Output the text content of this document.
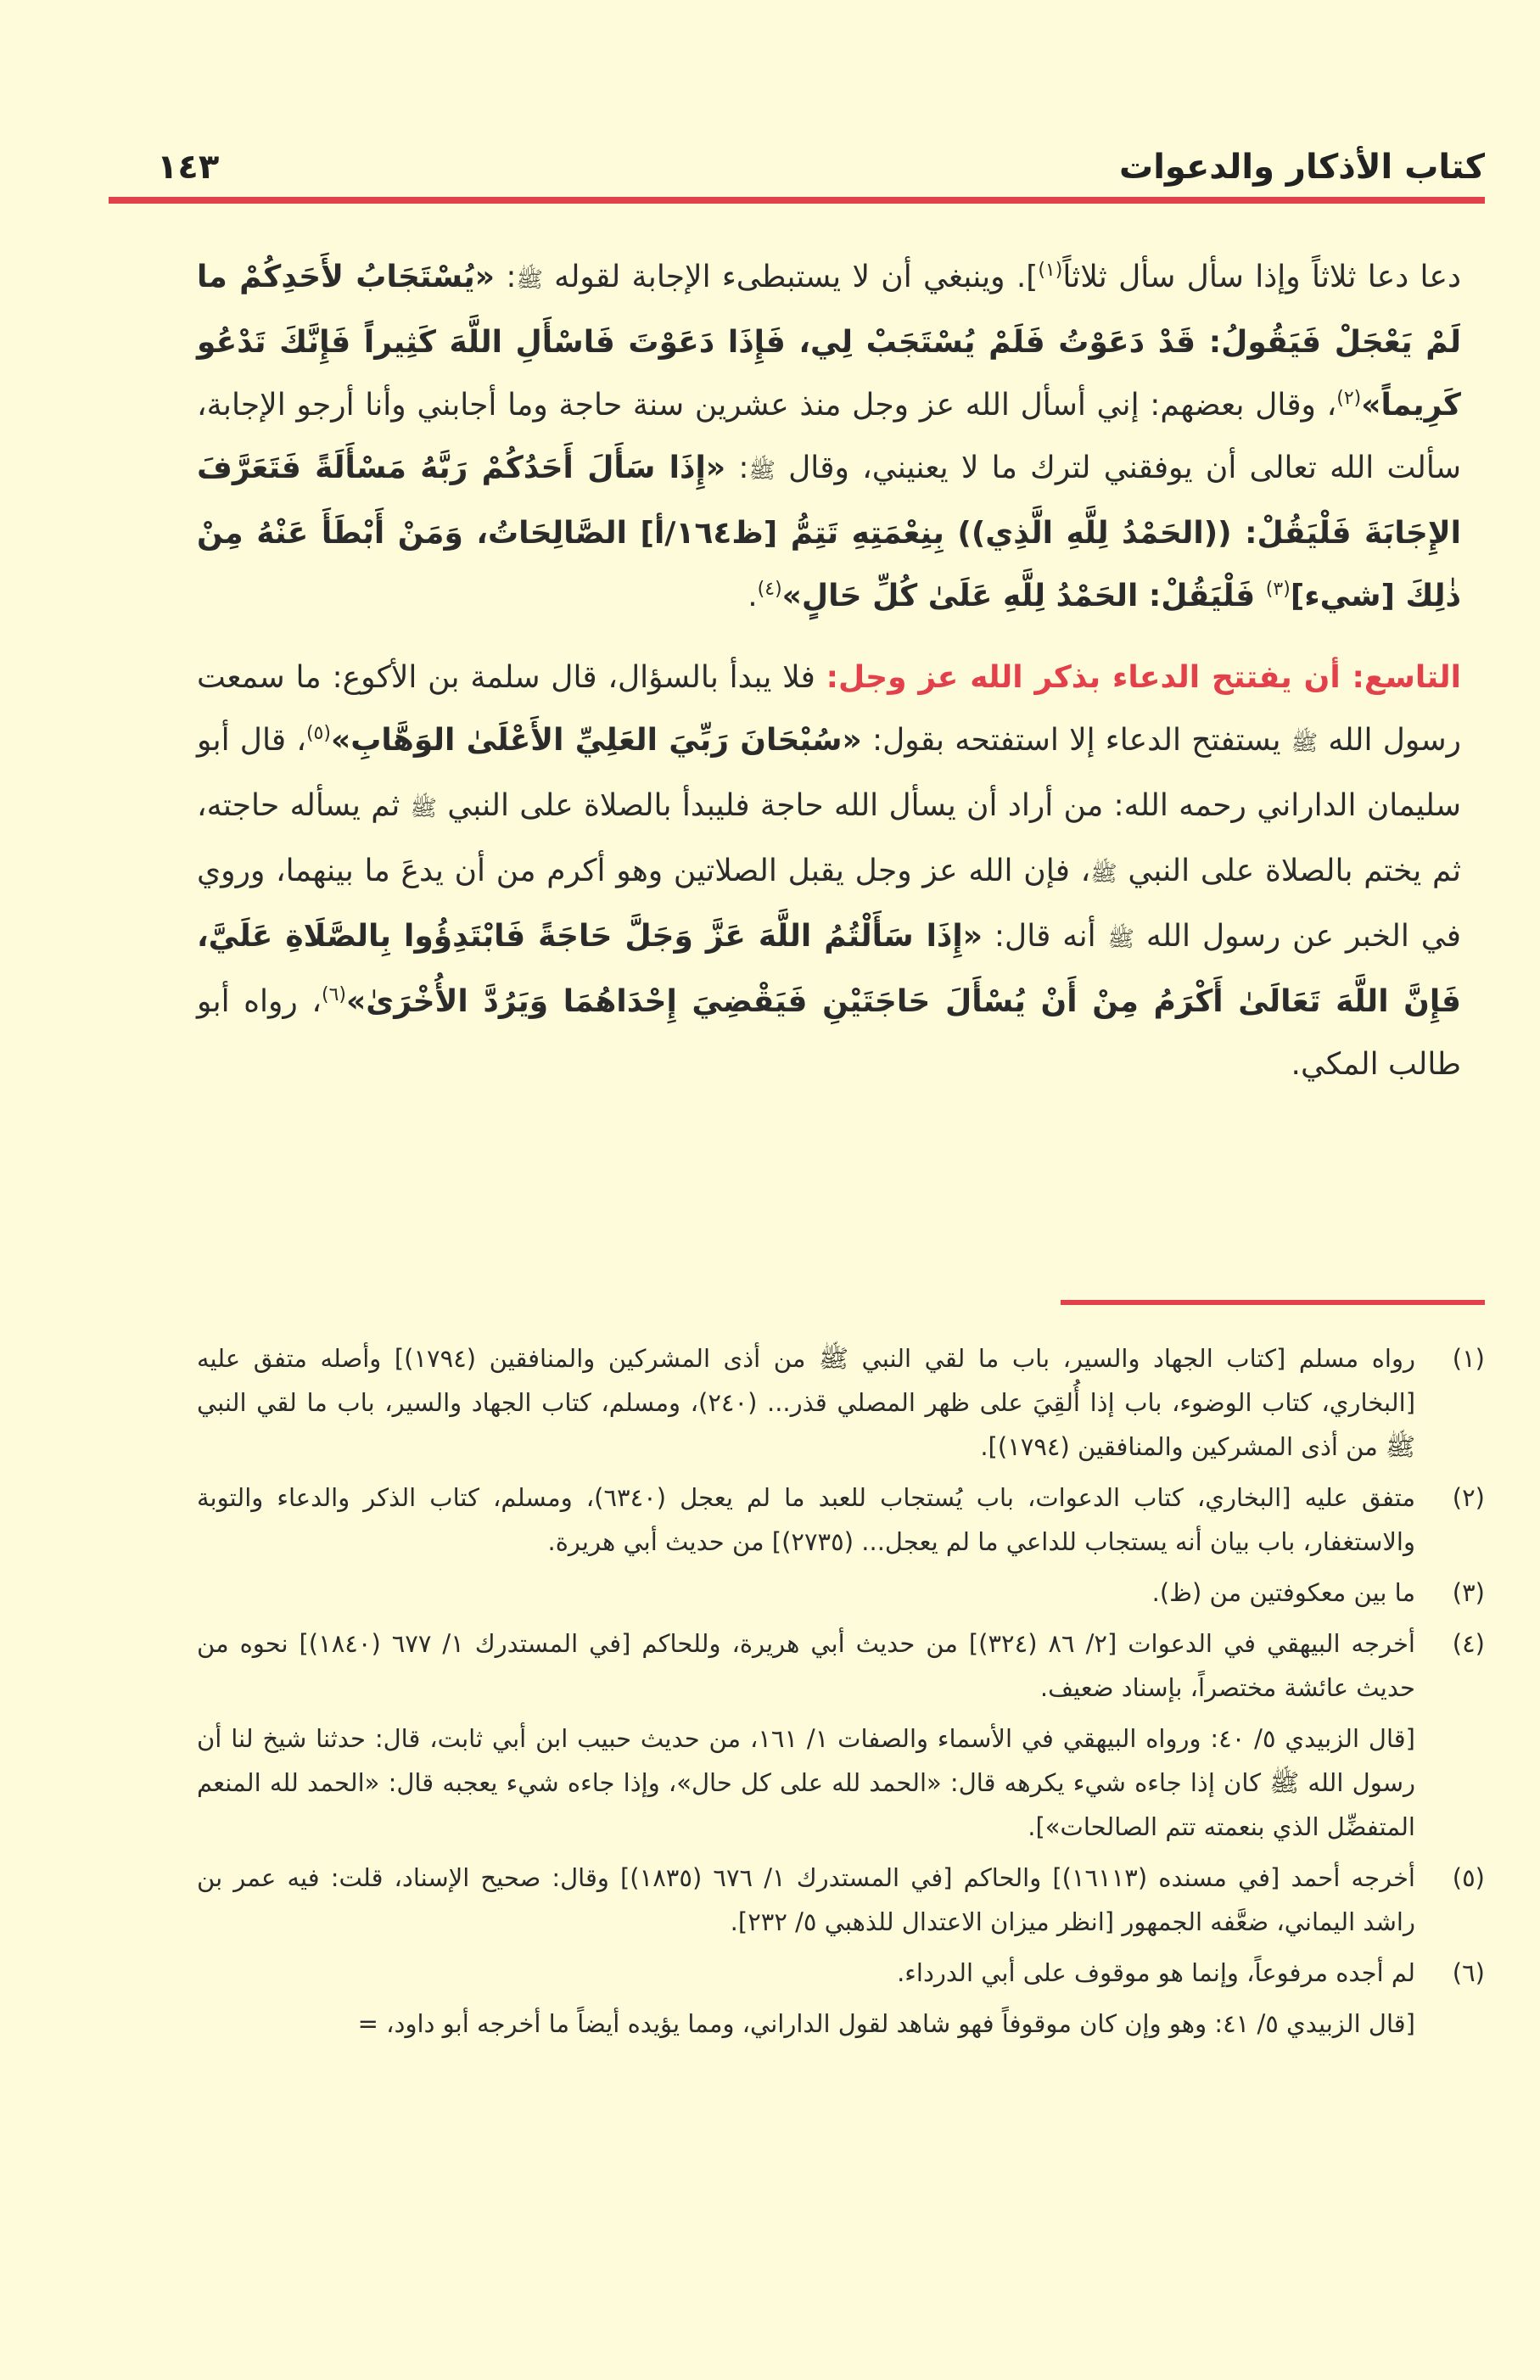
كتاب الأذكار والدعوات
١٤٣

دعا دعا ثلاثاً وإذا سأل سأل ثلاثاً$^{(١)}$]. وينبغي أن لا يستبطىء الإجابة لقوله ﷺ: «يُسْتَجَابُ لأَحَدِكُمْ ما لَمْ يَعْجَلْ فَيَقُولُ: قَدْ دَعَوْتُ فَلَمْ يُسْتَجَبْ لِي، فَإِذَا دَعَوْتَ فَاسْأَلِ اللَّهَ كَثِيراً فَإِنَّكَ تَدْعُو كَرِيماً»$^{(٢)}$، وقال بعضهم: إني أسأل الله عز وجل منذ عشرين سنة حاجة وما أجابني وأنا أرجو الإجابة، سألت الله تعالى أن يوفقني لترك ما لا يعنيني، وقال ﷺ: «إِذَا سَأَلَ أَحَدُكُمْ رَبَّهُ مَسْأَلَةً فَتَعَرَّفَ الإِجَابَةَ فَلْيَقُلْ: ((الحَمْدُ لِلَّهِ الَّذِي)) بِنِعْمَتِهِ تَتِمُّ [ظ١٦٤/أ] الصَّالِحَاتُ، وَمَنْ أَبْطَأَ عَنْهُ مِنْ ذٰلِكَ [شيء]$^{(٣)}$ فَلْيَقُلْ: الحَمْدُ لِلَّهِ عَلَىٰ كُلِّ حَالٍ»$^{(٤)}$.

التاسع: أن يفتتح الدعاء بذكر الله عز وجل: فلا يبدأ بالسؤال، قال سلمة بن الأكوع: ما سمعت رسول الله ﷺ يستفتح الدعاء إلا استفتحه بقول: «سُبْحَانَ رَبِّيَ العَلِيِّ الأَعْلَىٰ الوَهَّابِ»$^{(٥)}$، قال أبو سليمان الداراني رحمه الله: من أراد أن يسأل الله حاجة فليبدأ بالصلاة على النبي ﷺ ثم يسأله حاجته، ثم يختم بالصلاة على النبي ﷺ، فإن الله عز وجل يقبل الصلاتين وهو أكرم من أن يدعَ ما بينهما، وروي في الخبر عن رسول الله ﷺ أنه قال: «إِذَا سَأَلْتُمُ اللَّهَ عَزَّ وَجَلَّ حَاجَةً فَابْتَدِؤُوا بِالصَّلَاةِ عَلَيَّ، فَإِنَّ اللَّهَ تَعَالَىٰ أَكْرَمُ مِنْ أَنْ يُسْأَلَ حَاجَتَيْنِ فَيَقْضِيَ إِحْدَاهُمَا وَيَرُدَّ الأُخْرَىٰ»$^{(٦)}$، رواه أبو طالب المكي.

(١)
رواه مسلم [كتاب الجهاد والسير، باب ما لقي النبي ﷺ من أذى المشركين والمنافقين (١٧٩٤)] وأصله متفق عليه [البخاري، كتاب الوضوء، باب إذا أُلقِيَ على ظهر المصلي قذر... (٢٤٠)، ومسلم، كتاب الجهاد والسير، باب ما لقي النبي ﷺ من أذى المشركين والمنافقين (١٧٩٤)].
(٢)
متفق عليه [البخاري، كتاب الدعوات، باب يُستجاب للعبد ما لم يعجل (٦٣٤٠)، ومسلم، كتاب الذكر والدعاء والتوبة والاستغفار، باب بيان أنه يستجاب للداعي ما لم يعجل... (٢٧٣٥)] من حديث أبي هريرة.
(٣)
ما بين معكوفتين من (ظ).
(٤)
أخرجه البيهقي في الدعوات [٢/ ٨٦ (٣٢٤)] من حديث أبي هريرة، وللحاكم [في المستدرك ١/ ٦٧٧ (١٨٤٠)] نحوه من حديث عائشة مختصراً، بإسناد ضعيف.
[قال الزبيدي ٥/ ٤٠: ورواه البيهقي في الأسماء والصفات ١/ ١٦١، من حديث حبيب ابن أبي ثابت، قال: حدثنا شيخ لنا أن رسول الله ﷺ كان إذا جاءه شيء يكرهه قال: «الحمد لله على كل حال»، وإذا جاءه شيء يعجبه قال: «الحمد لله المنعم المتفضِّل الذي بنعمته تتم الصالحات»].
(٥)
أخرجه أحمد [في مسنده (١٦١١٣)] والحاكم [في المستدرك ١/ ٦٧٦ (١٨٣٥)] وقال: صحيح الإسناد، قلت: فيه عمر بن راشد اليماني، ضعَّفه الجمهور [انظر ميزان الاعتدال للذهبي ٥/ ٢٣٢].
(٦)
لم أجده مرفوعاً، وإنما هو موقوف على أبي الدرداء.
[قال الزبيدي ٥/ ٤١: وهو وإن كان موقوفاً فهو شاهد لقول الداراني، ومما يؤيده أيضاً ما أخرجه أبو داود، =
